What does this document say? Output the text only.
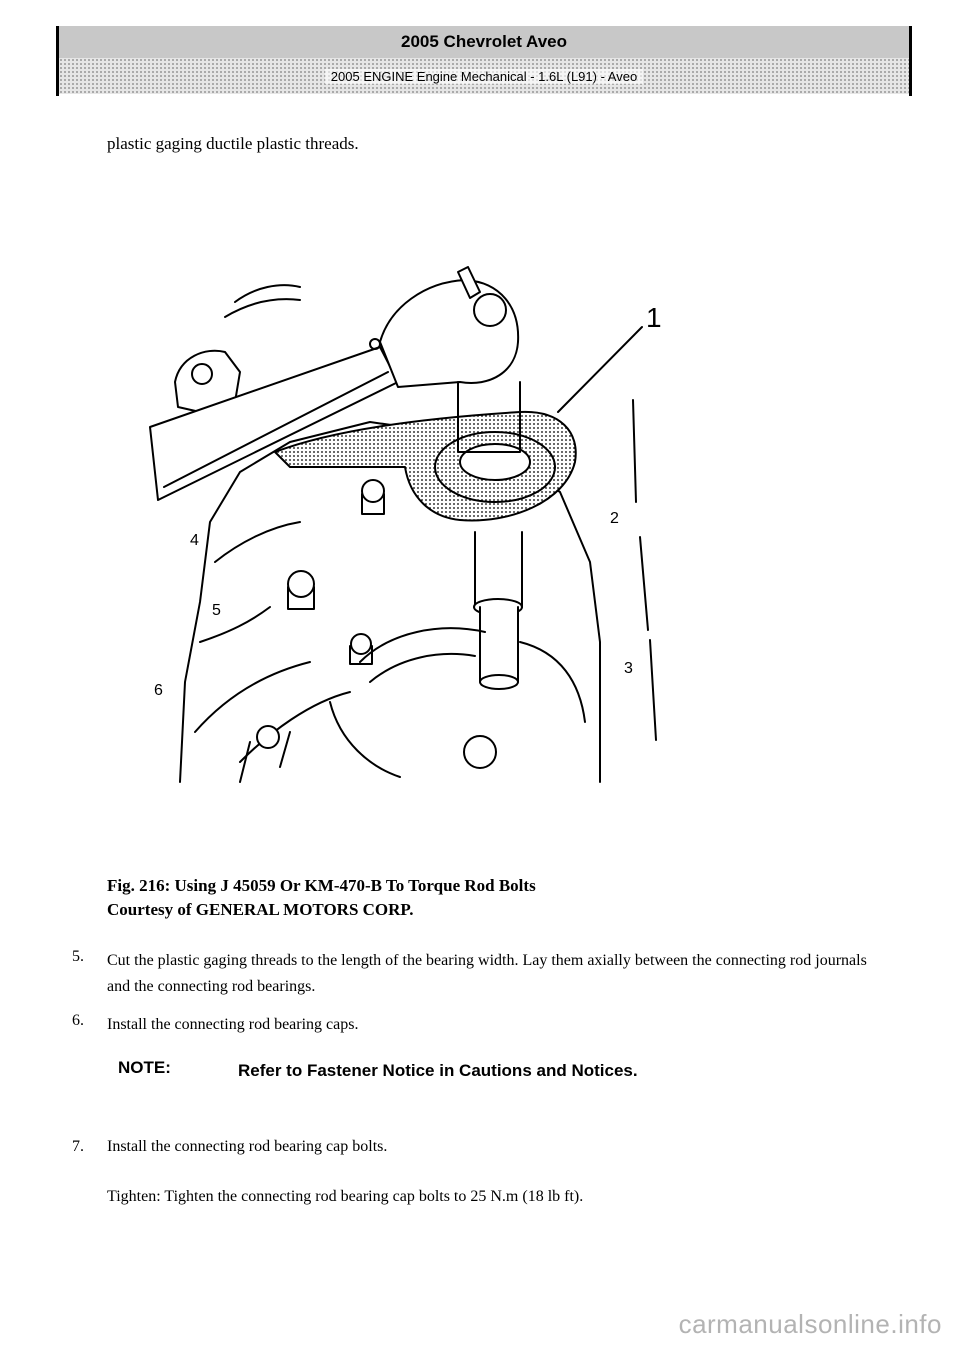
2005 Chevrolet Aveo
2005 ENGINE Engine Mechanical - 1.6L (L91) - Aveo
plastic gaging ductile plastic threads.
1
2
3
4
5
6
Fig. 216: Using J 45059 Or KM-470-B To Torque Rod Bolts
Courtesy of GENERAL MOTORS CORP.
5.	Cut the plastic gaging threads to the length of the bearing width. Lay them axially between the connecting rod journals and the connecting rod bearings.
6.	Install the connecting rod bearing caps.
NOTE:	Refer to Fastener Notice in Cautions and Notices.
7.	Install the connecting rod bearing cap bolts.
Tighten: Tighten the connecting rod bearing cap bolts to 25 N.m (18 lb ft).
carmanualsonline.info
